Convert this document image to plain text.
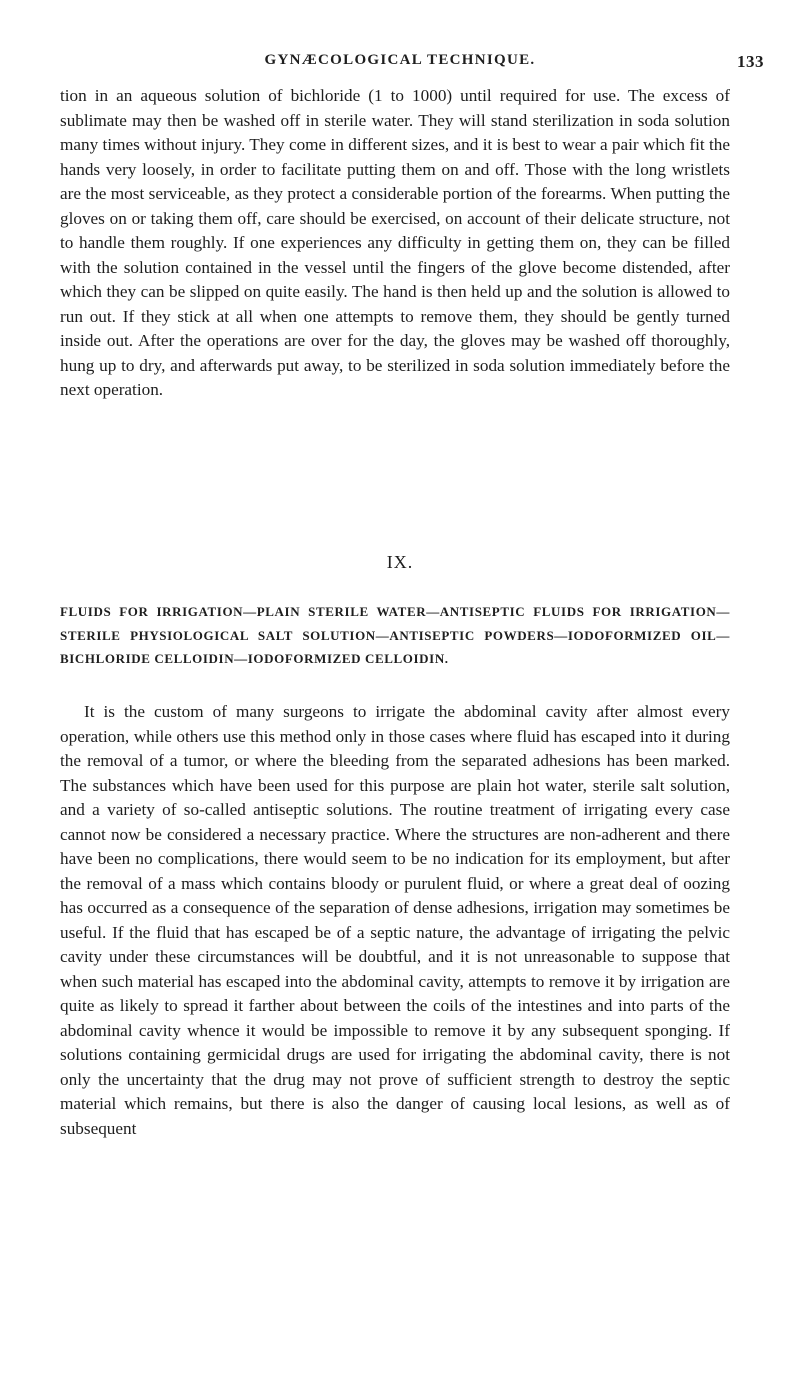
GYNÆCOLOGICAL TECHNIQUE.	133

tion in an aqueous solution of bichloride (1 to 1000) until required for use. The excess of sublimate may then be washed off in sterile water. They will stand sterilization in soda solution many times without injury. They come in different sizes, and it is best to wear a pair which fit the hands very loosely, in order to facilitate putting them on and off. Those with the long wristlets are the most serviceable, as they protect a considerable portion of the forearms. When putting the gloves on or taking them off, care should be exercised, on account of their delicate structure, not to handle them roughly. If one experiences any difficulty in getting them on, they can be filled with the solution contained in the vessel until the fingers of the glove become distended, after which they can be slipped on quite easily. The hand is then held up and the solution is allowed to run out. If they stick at all when one attempts to remove them, they should be gently turned inside out. After the operations are over for the day, the gloves may be washed off thoroughly, hung up to dry, and afterwards put away, to be sterilized in soda solution immediately before the next operation.

IX.

FLUIDS FOR IRRIGATION—PLAIN STERILE WATER—ANTISEPTIC FLUIDS FOR IRRIGATION—STERILE PHYSIOLOGICAL SALT SOLUTION—ANTISEPTIC POWDERS—IODOFORMIZED OIL—BICHLORIDE CELLOIDIN—IODOFORMIZED CELLOIDIN.

It is the custom of many surgeons to irrigate the abdominal cavity after almost every operation, while others use this method only in those cases where fluid has escaped into it during the removal of a tumor, or where the bleeding from the separated adhesions has been marked. The substances which have been used for this purpose are plain hot water, sterile salt solution, and a variety of so-called antiseptic solutions. The routine treatment of irrigating every case cannot now be considered a necessary practice. Where the structures are non-adherent and there have been no complications, there would seem to be no indication for its employment, but after the removal of a mass which contains bloody or purulent fluid, or where a great deal of oozing has occurred as a consequence of the separation of dense adhesions, irrigation may sometimes be useful. If the fluid that has escaped be of a septic nature, the advantage of irrigating the pelvic cavity under these circumstances will be doubtful, and it is not unreasonable to suppose that when such material has escaped into the abdominal cavity, attempts to remove it by irrigation are quite as likely to spread it farther about between the coils of the intestines and into parts of the abdominal cavity whence it would be impossible to remove it by any subsequent sponging. If solutions containing germicidal drugs are used for irrigating the abdominal cavity, there is not only the uncertainty that the drug may not prove of sufficient strength to destroy the septic material which remains, but there is also the danger of causing local lesions, as well as of subsequent
